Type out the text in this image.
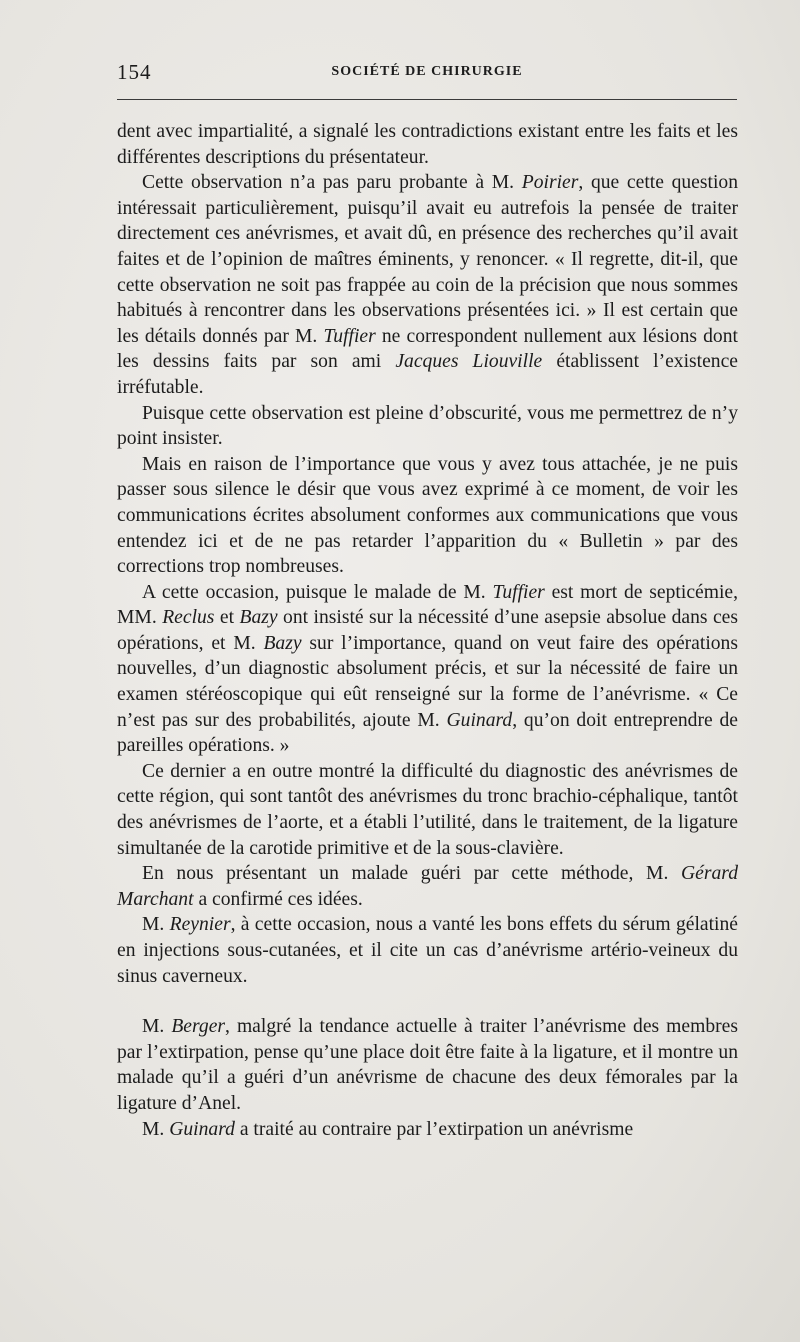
154	SOCIÉTÉ DE CHIRURGIE

dent avec impartialité, a signalé les contradictions existant entre les faits et les différentes descriptions du présentateur.

Cette observation n’a pas paru probante à M. Poirier, que cette question intéressait particulièrement, puisqu’il avait eu autrefois la pensée de traiter directement ces anévrismes, et avait dû, en présence des recherches qu’il avait faites et de l’opinion de maîtres éminents, y renoncer. « Il regrette, dit-il, que cette observation ne soit pas frappée au coin de la précision que nous sommes habitués à rencontrer dans les observations présentées ici. » Il est certain que les détails donnés par M. Tuffier ne correspondent nullement aux lésions dont les dessins faits par son ami Jacques Liouville établissent l’existence irréfutable.

Puisque cette observation est pleine d’obscurité, vous me permettrez de n’y point insister.

Mais en raison de l’importance que vous y avez tous attachée, je ne puis passer sous silence le désir que vous avez exprimé à ce moment, de voir les communications écrites absolument conformes aux communications que vous entendez ici et de ne pas retarder l’apparition du « Bulletin » par des corrections trop nombreuses.

A cette occasion, puisque le malade de M. Tuffier est mort de septicémie, MM. Reclus et Bazy ont insisté sur la nécessité d’une asepsie absolue dans ces opérations, et M. Bazy sur l’importance, quand on veut faire des opérations nouvelles, d’un diagnostic absolument précis, et sur la nécessité de faire un examen stéréoscopique qui eût renseigné sur la forme de l’anévrisme. « Ce n’est pas sur des probabilités, ajoute M. Guinard, qu’on doit entreprendre de pareilles opérations. »

Ce dernier a en outre montré la difficulté du diagnostic des anévrismes de cette région, qui sont tantôt des anévrismes du tronc brachio-céphalique, tantôt des anévrismes de l’aorte, et a établi l’utilité, dans le traitement, de la ligature simultanée de la carotide primitive et de la sous-clavière.

En nous présentant un malade guéri par cette méthode, M. Gérard Marchant a confirmé ces idées.

M. Reynier, à cette occasion, nous a vanté les bons effets du sérum gélatiné en injections sous-cutanées, et il cite un cas d’anévrisme artério-veineux du sinus caverneux.

M. Berger, malgré la tendance actuelle à traiter l’anévrisme des membres par l’extirpation, pense qu’une place doit être faite à la ligature, et il montre un malade qu’il a guéri d’un anévrisme de chacune des deux fémorales par la ligature d’Anel.

M. Guinard a traité au contraire par l’extirpation un anévrisme
